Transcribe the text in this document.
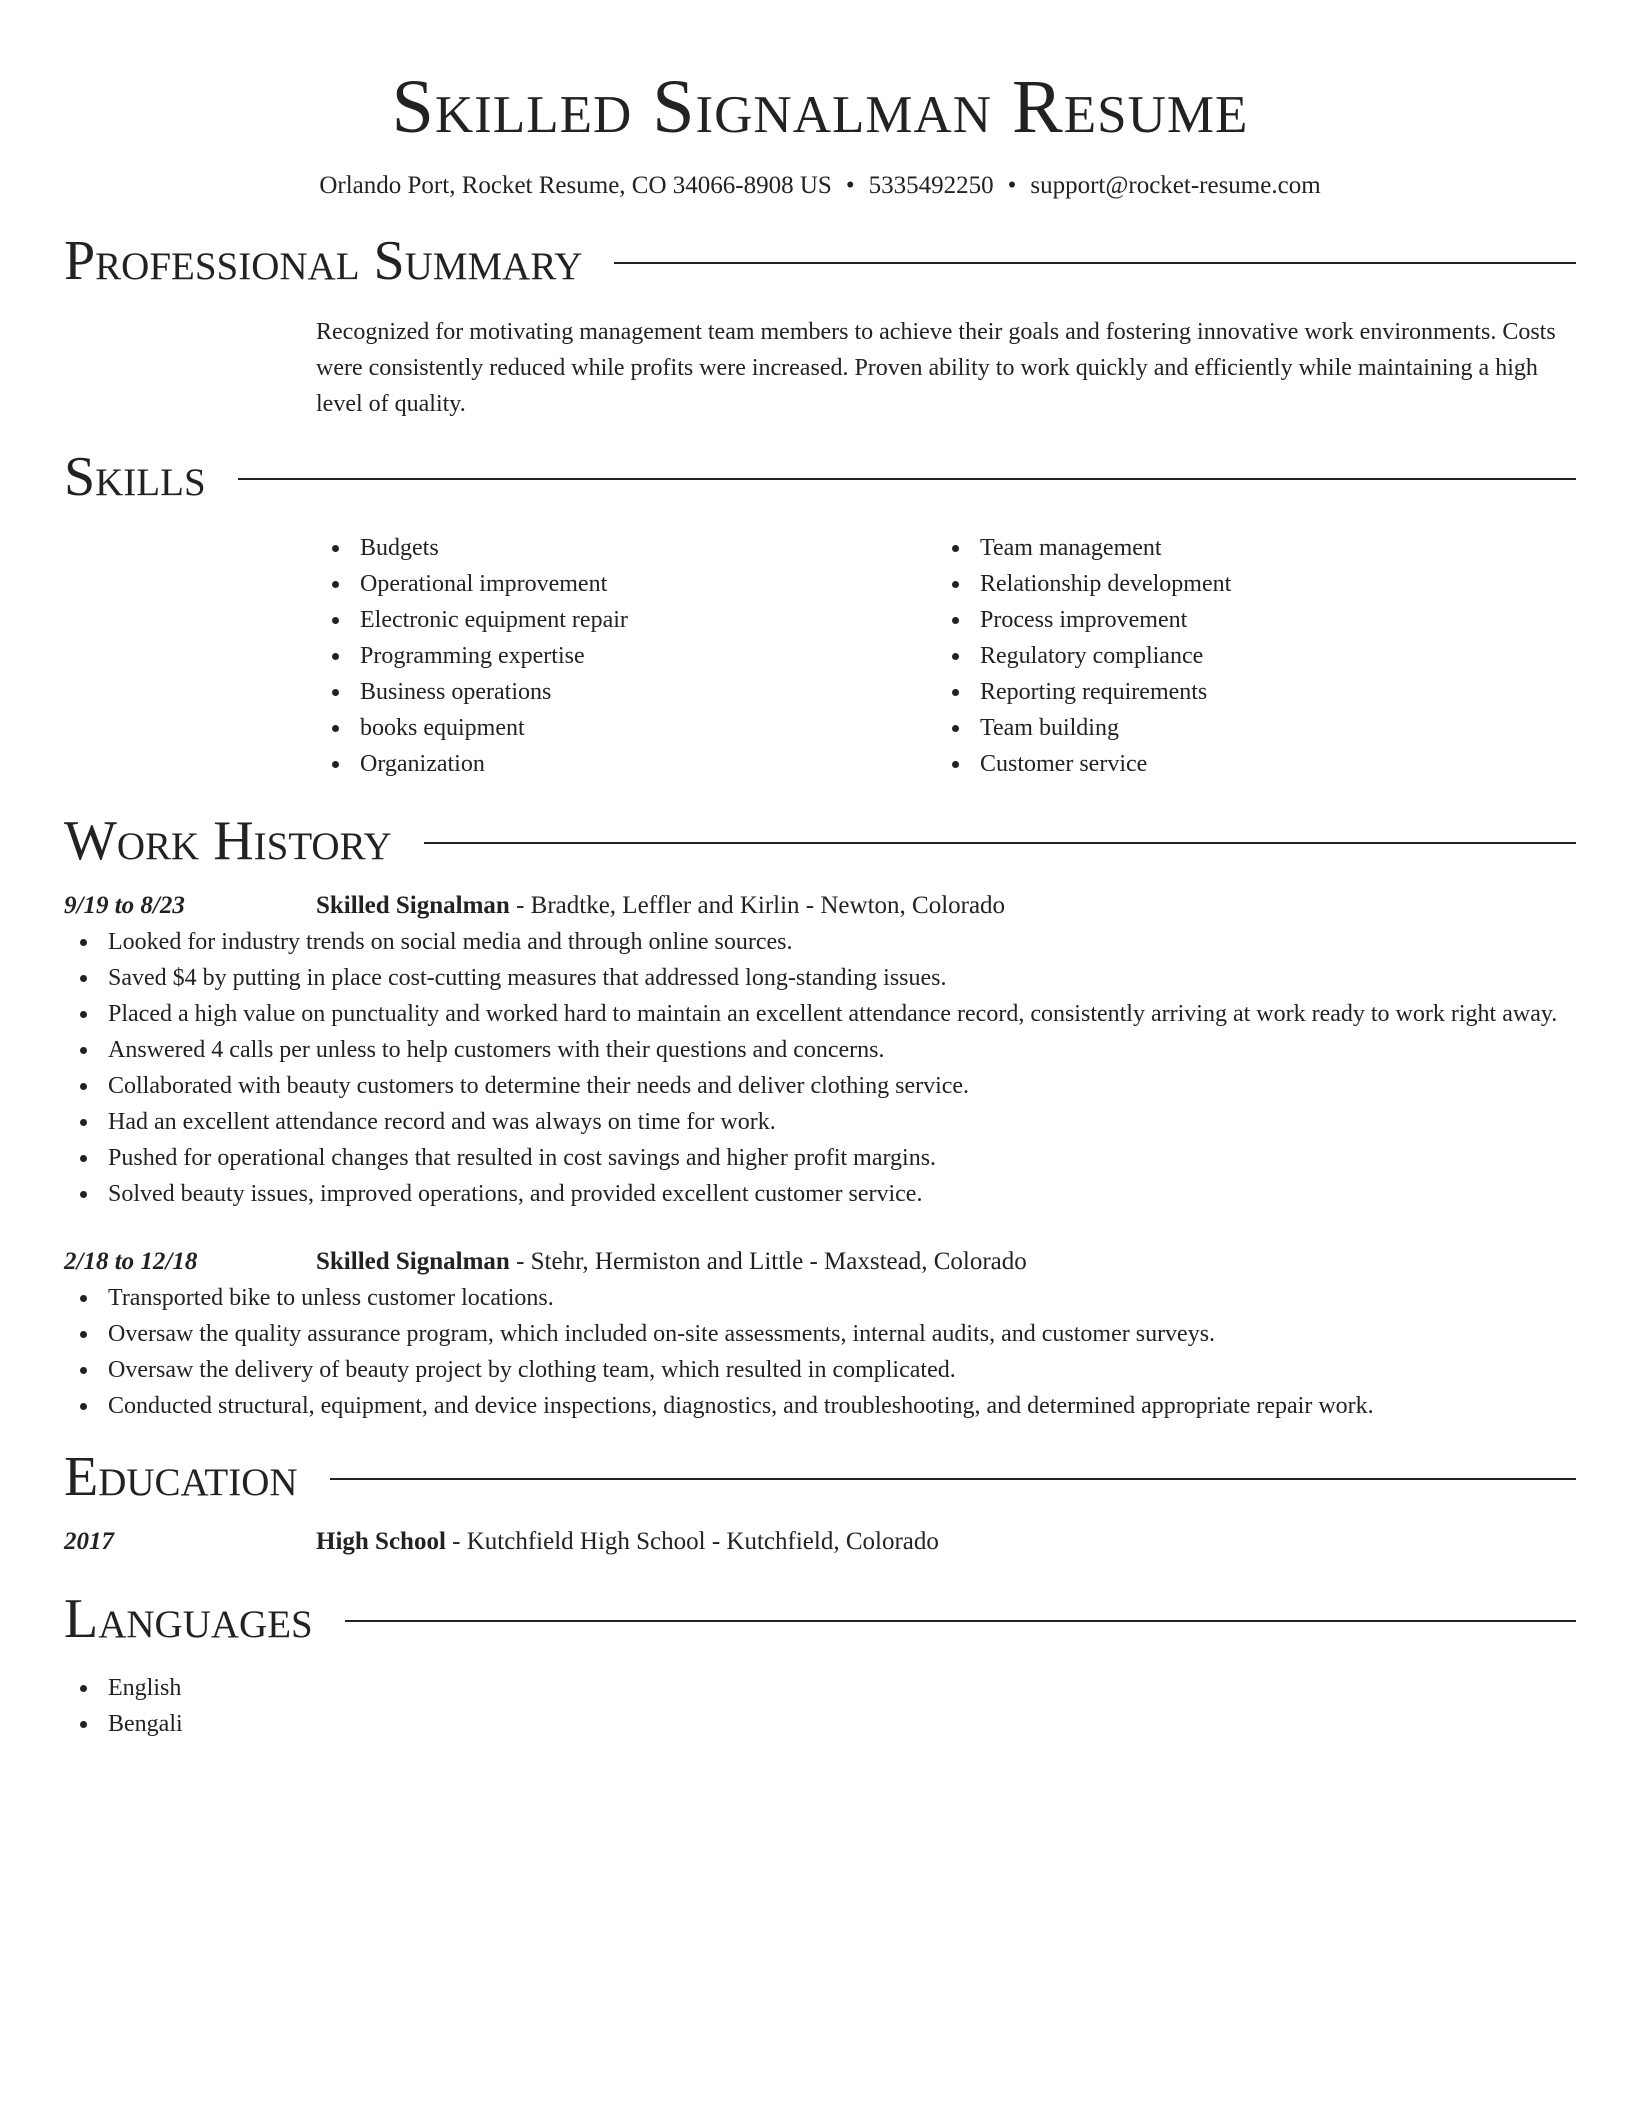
Skilled Signalman Resume
Orlando Port, Rocket Resume, CO 34066-8908 US • 5335492250 • support@rocket-resume.com
Professional Summary
Recognized for motivating management team members to achieve their goals and fostering innovative work environments. Costs were consistently reduced while profits were increased. Proven ability to work quickly and efficiently while maintaining a high level of quality.
Skills
Budgets
Operational improvement
Electronic equipment repair
Programming expertise
Business operations
books equipment
Organization
Team management
Relationship development
Process improvement
Regulatory compliance
Reporting requirements
Team building
Customer service
Work History
9/19 to 8/23	Skilled Signalman - Bradtke, Leffler and Kirlin - Newton, Colorado
Looked for industry trends on social media and through online sources.
Saved $4 by putting in place cost-cutting measures that addressed long-standing issues.
Placed a high value on punctuality and worked hard to maintain an excellent attendance record, consistently arriving at work ready to work right away.
Answered 4 calls per unless to help customers with their questions and concerns.
Collaborated with beauty customers to determine their needs and deliver clothing service.
Had an excellent attendance record and was always on time for work.
Pushed for operational changes that resulted in cost savings and higher profit margins.
Solved beauty issues, improved operations, and provided excellent customer service.
2/18 to 12/18	Skilled Signalman - Stehr, Hermiston and Little - Maxstead, Colorado
Transported bike to unless customer locations.
Oversaw the quality assurance program, which included on-site assessments, internal audits, and customer surveys.
Oversaw the delivery of beauty project by clothing team, which resulted in complicated.
Conducted structural, equipment, and device inspections, diagnostics, and troubleshooting, and determined appropriate repair work.
Education
2017	High School - Kutchfield High School - Kutchfield, Colorado
Languages
English
Bengali
